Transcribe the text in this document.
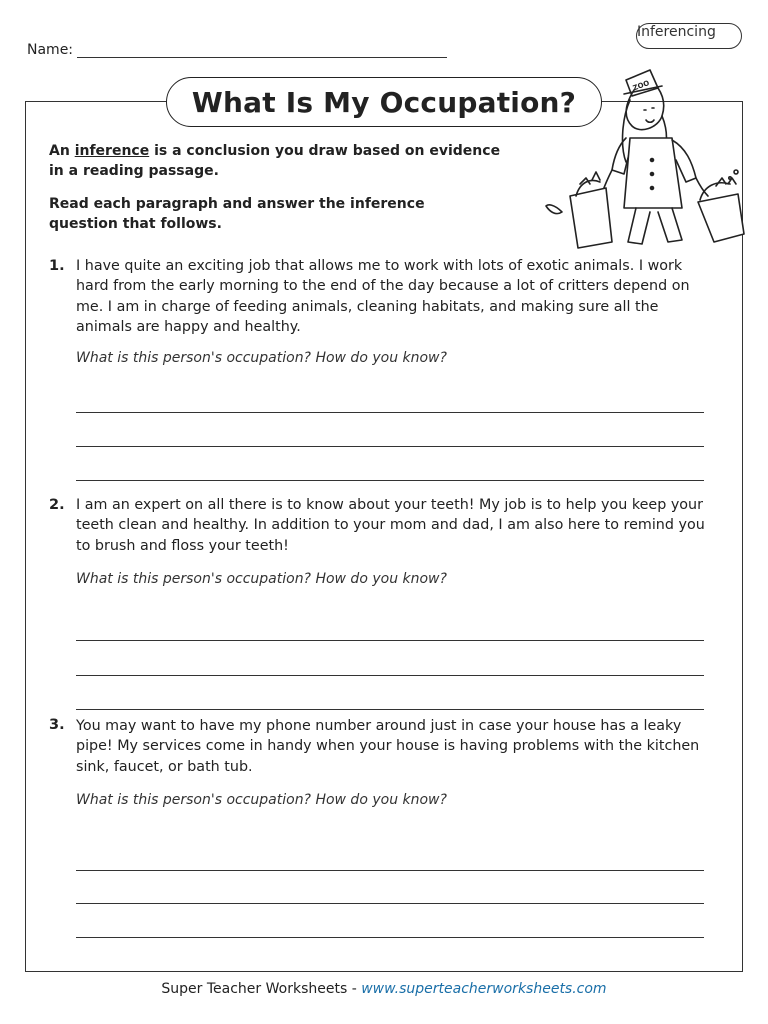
Inferencing
Name:
What Is My Occupation?

An inference is a conclusion you draw based on evidence in a reading passage.

Read each paragraph and answer the inference question that follows.

ZOO
1. I have quite an exciting job that allows me to work with lots of exotic animals. I work hard from the early morning to the end of the day because a lot of critters depend on me. I am in charge of feeding animals, cleaning habitats, and making sure all the animals are happy and healthy.

What is this person's occupation? How do you know?

2. I am an expert on all there is to know about your teeth! My job is to help you keep your teeth clean and healthy. In addition to your mom and dad, I am also here to remind you to brush and floss your teeth!

What is this person's occupation? How do you know?

3. You may want to have my phone number around just in case your house has a leaky pipe! My services come in handy when your house is having problems with the kitchen sink, faucet, or bath tub.

What is this person's occupation? How do you know?

Super Teacher Worksheets - www.superteacherworksheets.com
